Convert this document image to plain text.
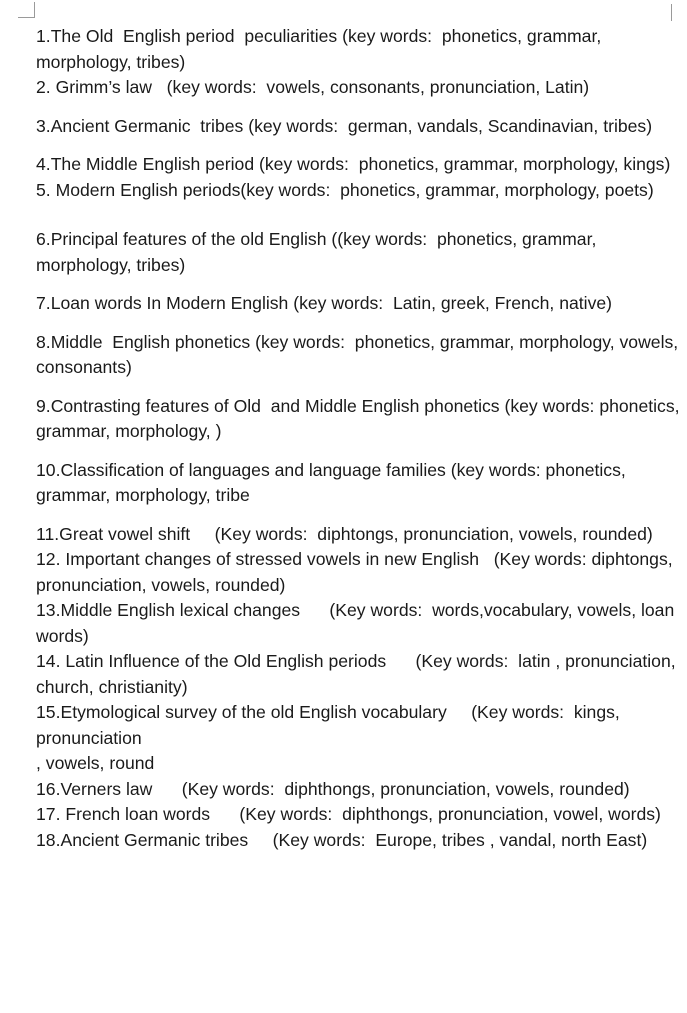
1.The Old  English period  peculiarities (key words:  phonetics, grammar, morphology, tribes)

2. Grimm’s law   (key words:  vowels, consonants, pronunciation, Latin)

3.Ancient Germanic  tribes (key words:  german, vandals, Scandinavian, tribes)

4.The Middle English period (key words:  phonetics, grammar, morphology, kings)

5. Modern English periods(key words:  phonetics, grammar, morphology, poets)

6.Principal features of the old English ((key words:  phonetics, grammar, morphology, tribes)

7.Loan words In Modern English (key words:  Latin, greek, French, native)

8.Middle  English phonetics (key words:  phonetics, grammar, morphology, vowels, consonants)

9.Contrasting features of Old  and Middle English phonetics (key words: phonetics, grammar, morphology, )

10.Classification of languages and language families (key words: phonetics, grammar, morphology, tribe

11.Great vowel shift     (Key words:  diphtongs, pronunciation, vowels, rounded)

12. Important changes of stressed vowels in new English   (Key words: diphtongs, pronunciation, vowels, rounded)

13.Middle English lexical changes      (Key words:  words,vocabulary, vowels, loan words)

14. Latin Influence of the Old English periods      (Key words:  latin , pronunciation, church, christianity)

15.Etymological survey of the old English vocabulary     (Key words:  kings, pronunciation
, vowels, round

16.Verners law      (Key words:  diphthongs, pronunciation, vowels, rounded)

17. French loan words      (Key words:  diphthongs, pronunciation, vowel, words)

18.Ancient Germanic tribes     (Key words:  Europe, tribes , vandal, north East)
